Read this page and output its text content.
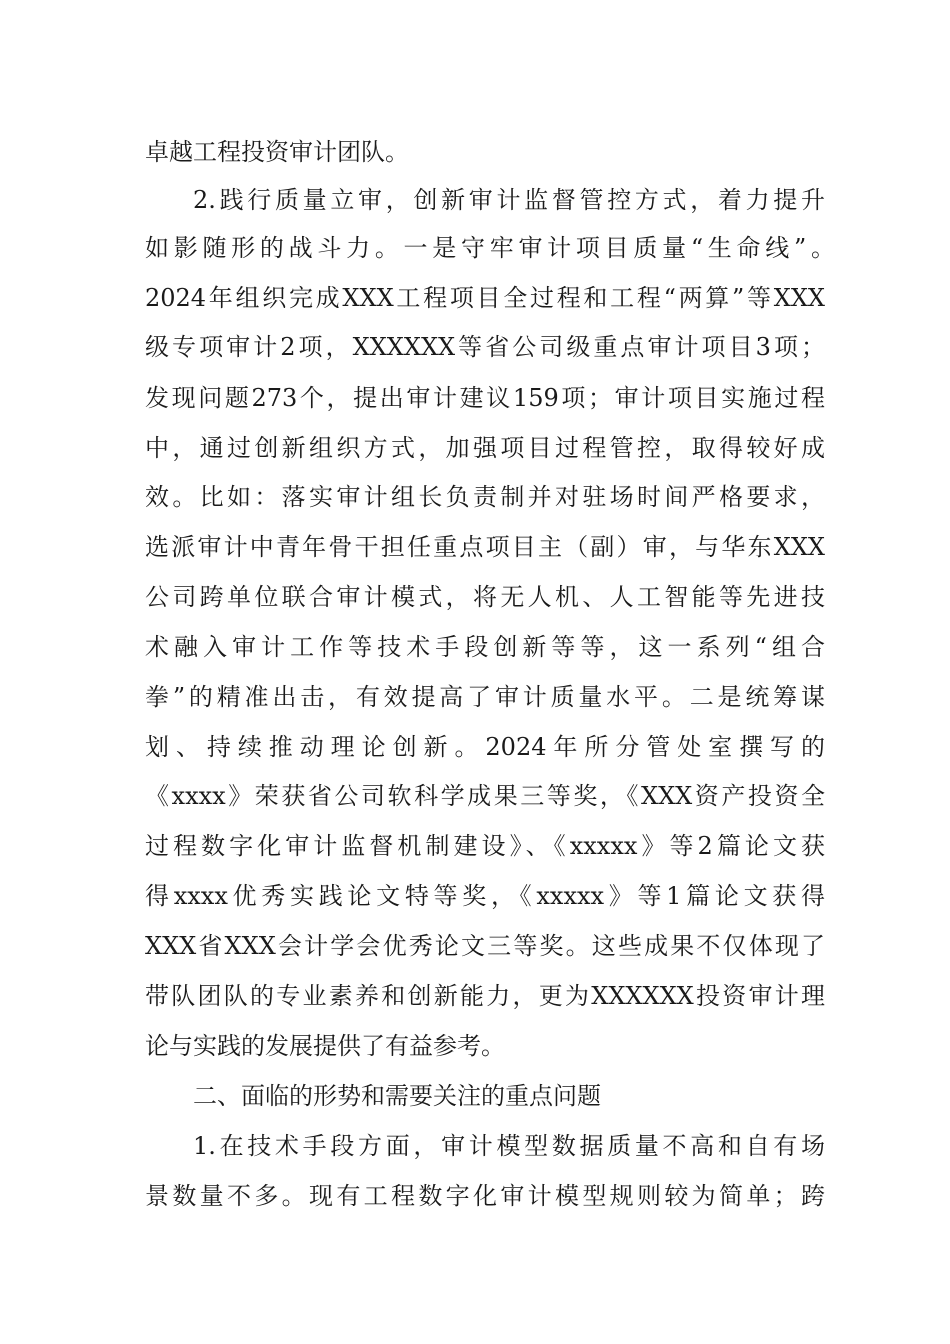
卓越工程投资审计团队。
2.践行质量立审，创新审计监督管控方式，着力提升
如影随形的战斗力。一是守牢审计项目质量“生命线”。
2024年组织完成XXX工程项目全过程和工程“两算”等XXX
级专项审计2项，XXXXXX等省公司级重点审计项目3项；
发现问题273个，提出审计建议159项；审计项目实施过程
中，通过创新组织方式，加强项目过程管控，取得较好成
效。比如：落实审计组长负责制并对驻场时间严格要求，
选派审计中青年骨干担任重点项目主（副）审，与华东XXX
公司跨单位联合审计模式，将无人机、人工智能等先进技
术融入审计工作等技术手段创新等等，这一系列“组合
拳”的精准出击，有效提高了审计质量水平。二是统筹谋
划、持续推动理论创新。2024年所分管处室撰写的
《xxxx》荣获省公司软科学成果三等奖，《XXX资产投资全
过程数字化审计监督机制建设》、《xxxxx》等2篇论文获
得xxxx优秀实践论文特等奖，《xxxxx》等1篇论文获得
XXX省XXX会计学会优秀论文三等奖。这些成果不仅体现了
带队团队的专业素养和创新能力，更为XXXXXX投资审计理
论与实践的发展提供了有益参考。
二、面临的形势和需要关注的重点问题
1.在技术手段方面，审计模型数据质量不高和自有场
景数量不多。现有工程数字化审计模型规则较为简单；跨
